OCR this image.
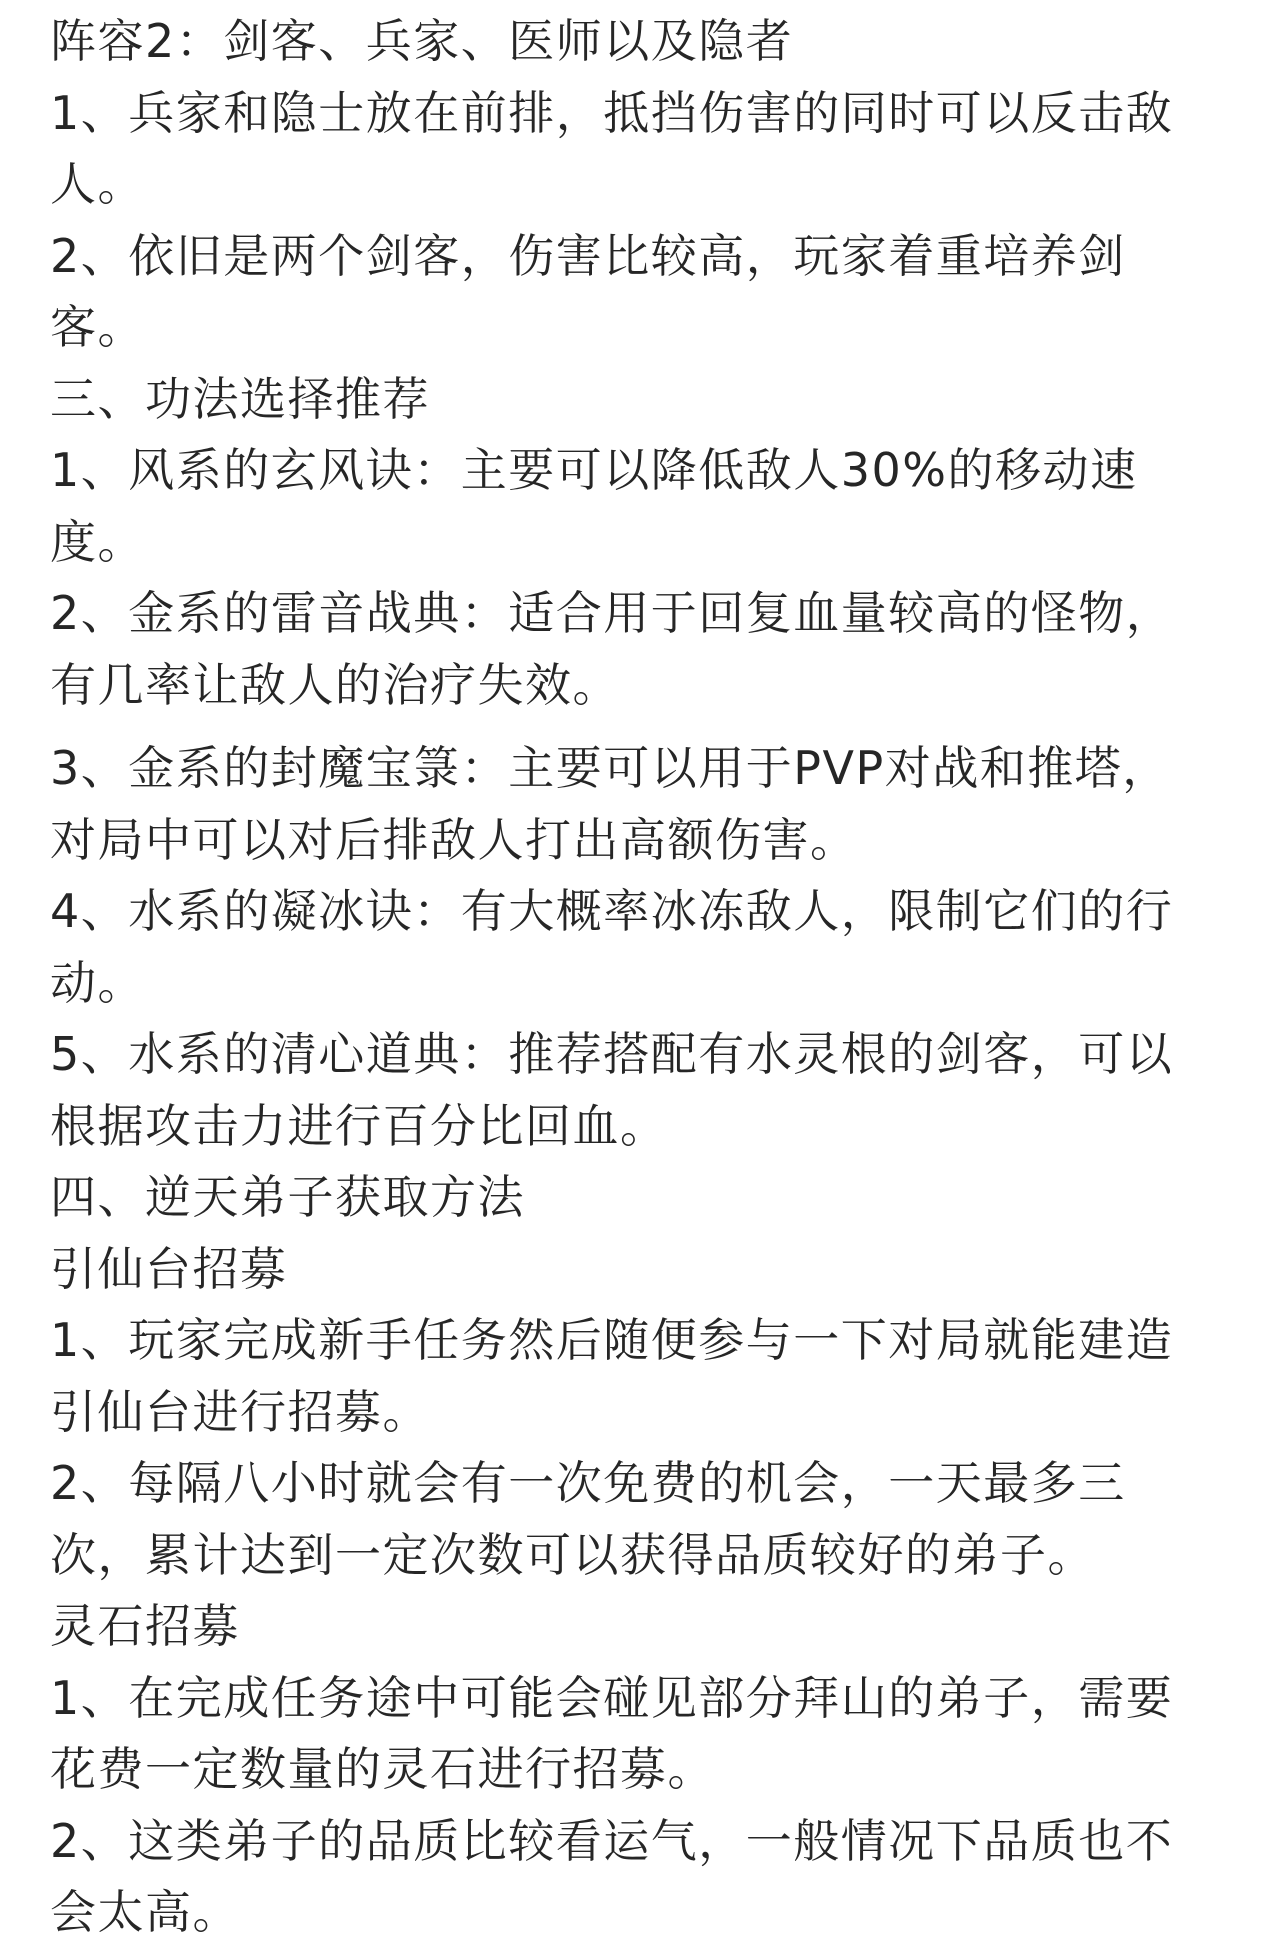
阵容2：剑客、兵家、医师以及隐者
1、兵家和隐士放在前排，抵挡伤害的同时可以反击敌
人。
2、依旧是两个剑客，伤害比较高，玩家着重培养剑
客。
三、功法选择推荐
1、风系的玄风诀：主要可以降低敌人30%的移动速
度。
2、金系的雷音战典：适合用于回复血量较高的怪物，
有几率让敌人的治疗失效。
3、金系的封魔宝箓：主要可以用于PVP对战和推塔，
对局中可以对后排敌人打出高额伤害。
4、水系的凝冰诀：有大概率冰冻敌人，限制它们的行
动。
5、水系的清心道典：推荐搭配有水灵根的剑客，可以
根据攻击力进行百分比回血。
四、逆天弟子获取方法
引仙台招募
1、玩家完成新手任务然后随便参与一下对局就能建造
引仙台进行招募。
2、每隔八小时就会有一次免费的机会，一天最多三
次，累计达到一定次数可以获得品质较好的弟子。
灵石招募
1、在完成任务途中可能会碰见部分拜山的弟子，需要
花费一定数量的灵石进行招募。
2、这类弟子的品质比较看运气，一般情况下品质也不
会太高。
